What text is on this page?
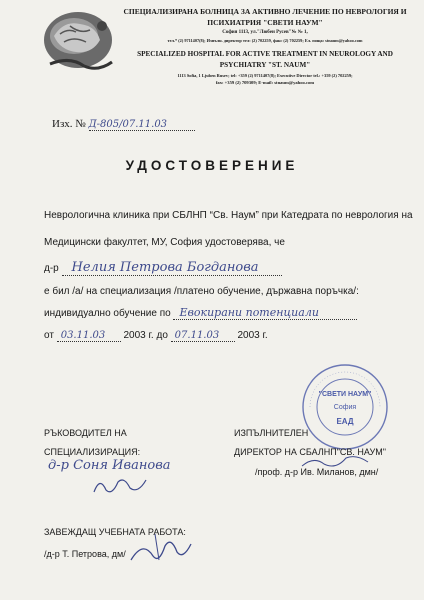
СПЕЦИАЛИЗИРАНА БОЛНИЦА ЗА АКТИВНО ЛЕЧЕНИЕ ПО НЕВРОЛОГИЯ И
ПСИХИАТРИЯ "СВЕТИ НАУМ"
София 1113, ул."Любен Русев"№ № 1,
тел.* (2) 9711407(8); Изпълн. директор тел: (2) 702259, факс (2) 702259; Ел. поща: stnaum@yahoo.com
SPECIALIZED HOSPITAL FOR ACTIVE TREATMENT IN NEUROLOGY AND
PSYCHIATRY "ST. NAUM"
1113 Sofia, 1 Ljuben Rusev; tel: +359 (2) 9711407(8); Executive Director tel.: +359 (2) 702259;
fax: +359 (2) 709309; E-mail: stnaum@yahoo.com
Изх. № Д-805/07.11.03
УДОСТОВЕРЕНИЕ
Неврологична клиника при СБЛНП “Св. Наум” при Катедрата по неврология на
Медицински факултет, МУ, София удостоверява, че
д-р Нелия Петрова Богданова
е бил /а/ на специализация /платено обучение, държавна поръчка/:
индивидуално обучение по Евокирани потенциали
от 03.11.03 2003 г. до 07.11.03 2003 г.
"СВЕТИ НАУМ"
София
ЕАД
РЪКОВОДИТЕЛ НА
СПЕЦИАЛИЗИРАЦИЯ:
д-р Соня Иванова
ИЗПЪЛНИТЕЛЕН
ДИРЕКТОР НА СБАЛНП"СВ. НАУМ"
/проф. д-р Ив. Миланов, дмн/
ЗАВЕЖДАЩ УЧЕБНАТА РАБОТА:
/д-р Т. Петрова, дм/
